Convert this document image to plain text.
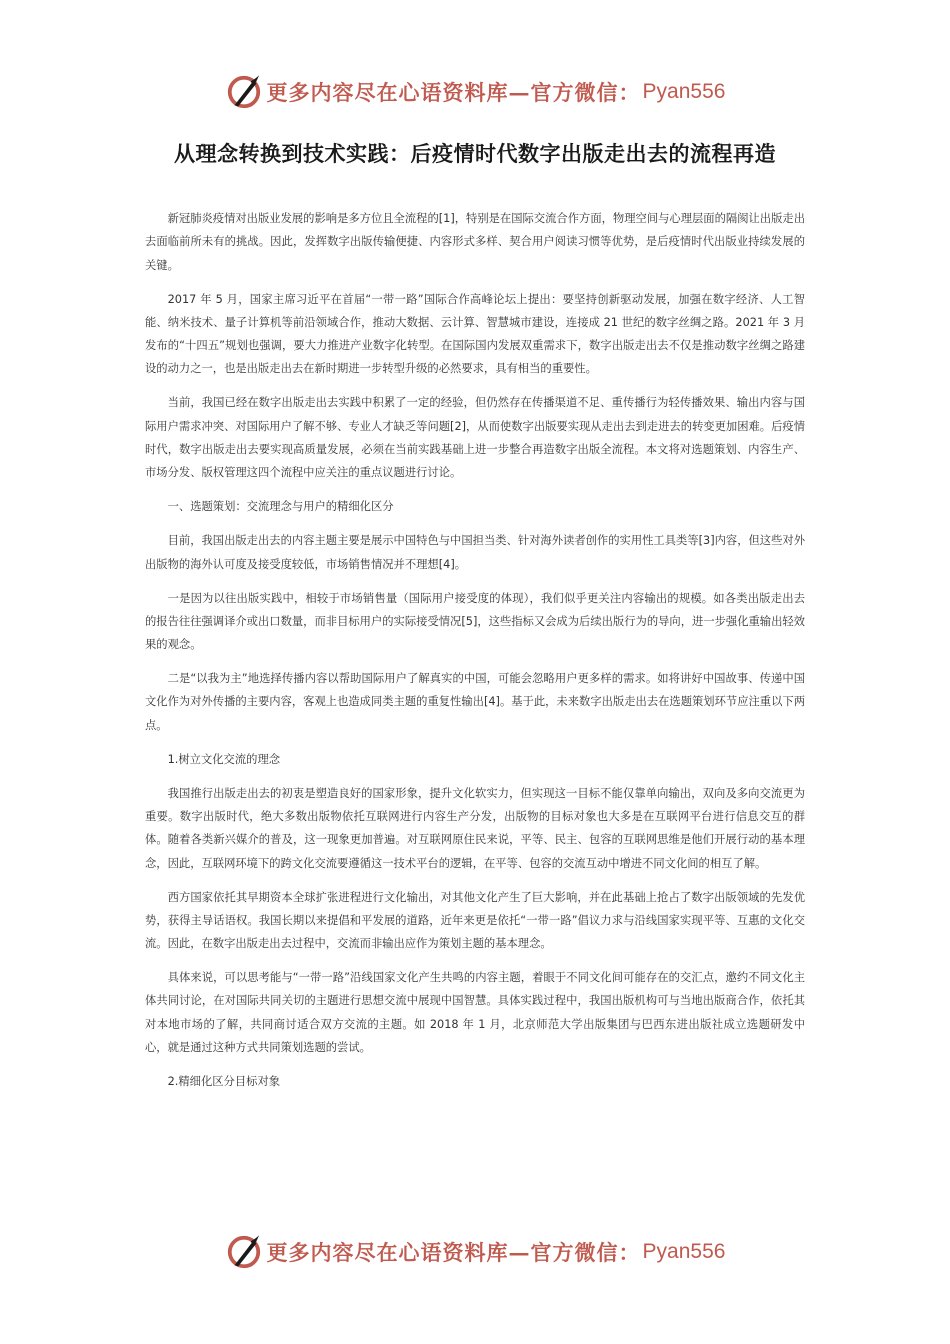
更多内容尽在心语资料库—官方微信： Pyan556
从理念转换到技术实践：后疫情时代数字出版走出去的流程再造

新冠肺炎疫情对出版业发展的影响是多方位且全流程的[1]，特别是在国际交流合作方面，物理空间与心理层面的隔阂让出版走出去面临前所未有的挑战。因此，发挥数字出版传输便捷、内容形式多样、契合用户阅读习惯等优势，是后疫情时代出版业持续发展的关键。

2017 年 5 月，国家主席习近平在首届“一带一路”国际合作高峰论坛上提出：要坚持创新驱动发展，加强在数字经济、人工智能、纳米技术、量子计算机等前沿领域合作，推动大数据、云计算、智慧城市建设，连接成 21 世纪的数字丝绸之路。2021 年 3 月发布的“十四五”规划也强调，要大力推进产业数字化转型。在国际国内发展双重需求下，数字出版走出去不仅是推动数字丝绸之路建设的动力之一，也是出版走出去在新时期进一步转型升级的必然要求，具有相当的重要性。

当前，我国已经在数字出版走出去实践中积累了一定的经验，但仍然存在传播渠道不足、重传播行为轻传播效果、输出内容与国际用户需求冲突、对国际用户了解不够、专业人才缺乏等问题[2]，从而使数字出版要实现从走出去到走进去的转变更加困难。后疫情时代，数字出版走出去要实现高质量发展，必须在当前实践基础上进一步整合再造数字出版全流程。本文将对选题策划、内容生产、市场分发、版权管理这四个流程中应关注的重点议题进行讨论。

一、选题策划：交流理念与用户的精细化区分

目前，我国出版走出去的内容主题主要是展示中国特色与中国担当类、针对海外读者创作的实用性工具类等[3]内容，但这些对外出版物的海外认可度及接受度较低，市场销售情况并不理想[4]。

一是因为以往出版实践中，相较于市场销售量（国际用户接受度的体现），我们似乎更关注内容输出的规模。如各类出版走出去的报告往往强调译介或出口数量，而非目标用户的实际接受情况[5]，这些指标又会成为后续出版行为的导向，进一步强化重输出轻效果的观念。

二是“以我为主”地选择传播内容以帮助国际用户了解真实的中国，可能会忽略用户更多样的需求。如将讲好中国故事、传递中国文化作为对外传播的主要内容，客观上也造成同类主题的重复性输出[4]。基于此，未来数字出版走出去在选题策划环节应注重以下两点。

1.树立文化交流的理念

我国推行出版走出去的初衷是塑造良好的国家形象，提升文化软实力，但实现这一目标不能仅靠单向输出，双向及多向交流更为重要。数字出版时代，绝大多数出版物依托互联网进行内容生产分发，出版物的目标对象也大多是在互联网平台进行信息交互的群体。随着各类新兴媒介的普及，这一现象更加普遍。对互联网原住民来说，平等、民主、包容的互联网思维是他们开展行动的基本理念，因此，互联网环境下的跨文化交流要遵循这一技术平台的逻辑，在平等、包容的交流互动中增进不同文化间的相互了解。

西方国家依托其早期资本全球扩张进程进行文化输出，对其他文化产生了巨大影响，并在此基础上抢占了数字出版领域的先发优势，获得主导话语权。我国长期以来提倡和平发展的道路，近年来更是依托“一带一路”倡议力求与沿线国家实现平等、互惠的文化交流。因此，在数字出版走出去过程中，交流而非输出应作为策划主题的基本理念。

具体来说，可以思考能与“一带一路”沿线国家文化产生共鸣的内容主题，着眼于不同文化间可能存在的交汇点，邀约不同文化主体共同讨论，在对国际共同关切的主题进行思想交流中展现中国智慧。具体实践过程中，我国出版机构可与当地出版商合作，依托其对本地市场的了解，共同商讨适合双方交流的主题。如 2018 年 1 月，北京师范大学出版集团与巴西东进出版社成立选题研发中心，就是通过这种方式共同策划选题的尝试。

2.精细化区分目标对象

更多内容尽在心语资料库—官方微信： Pyan556
